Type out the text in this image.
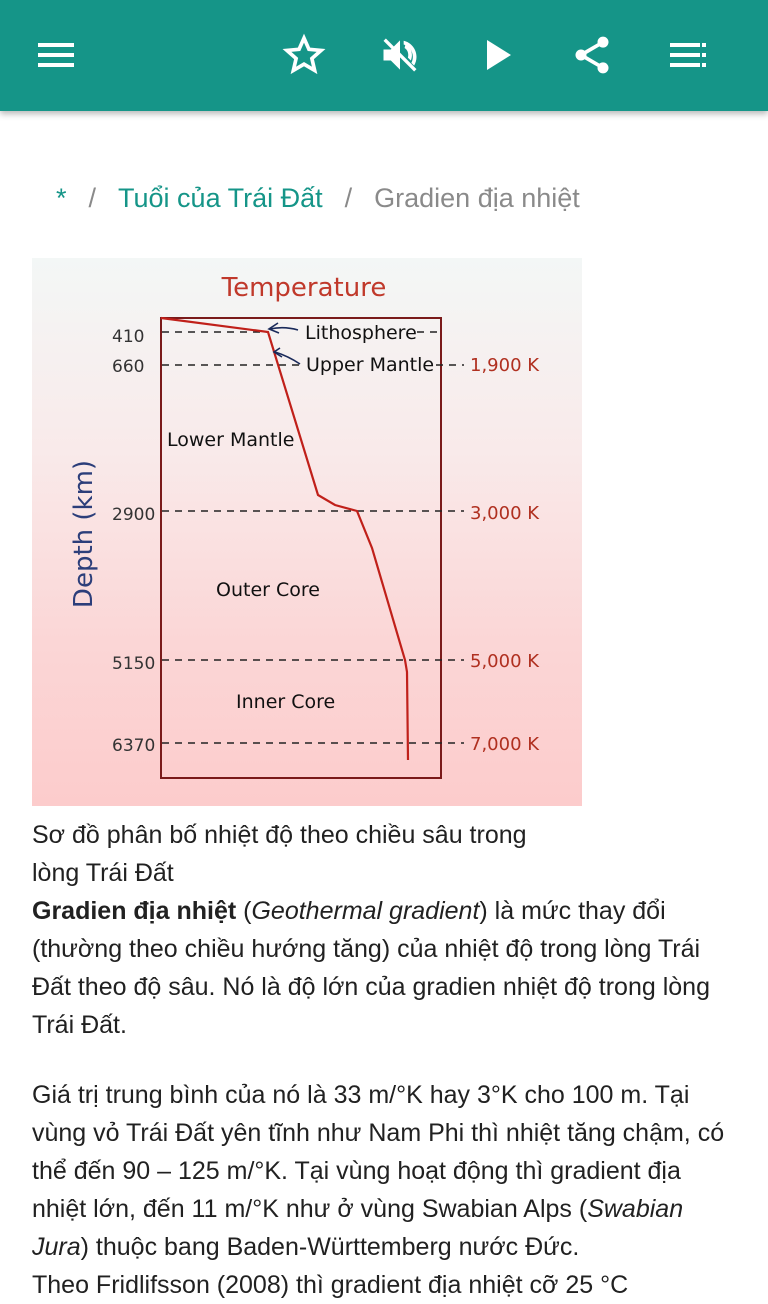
* / Tuổi của Trái Đất / Gradien địa nhiệt
Temperature
Depth (km)
410
660
2900
5150
6370
Lithosphere
Upper Mantle
Lower Mantle
Outer Core
Inner Core
1,900 K
3,000 K
5,000 K
7,000 K
Sơ đồ phân bố nhiệt độ theo chiều sâu trong
lòng Trái Đất
Gradien địa nhiệt (Geothermal gradient) là mức thay đổi (thường theo chiều hướng tăng) của nhiệt độ trong lòng Trái Đất theo độ sâu. Nó là độ lớn của gradien nhiệt độ trong lòng Trái Đất.
Giá trị trung bình của nó là 33 m/°K hay 3°K cho 100 m. Tại vùng vỏ Trái Đất yên tĩnh như Nam Phi thì nhiệt tăng chậm, có thể đến 90 – 125 m/°K. Tại vùng hoạt động thì gradient địa nhiệt lớn, đến 11 m/°K như ở vùng Swabian Alps (Swabian Jura) thuộc bang Baden-Württemberg nước Đức.
Theo Fridlifsson (2008) thì gradient địa nhiệt cỡ 25 °C
